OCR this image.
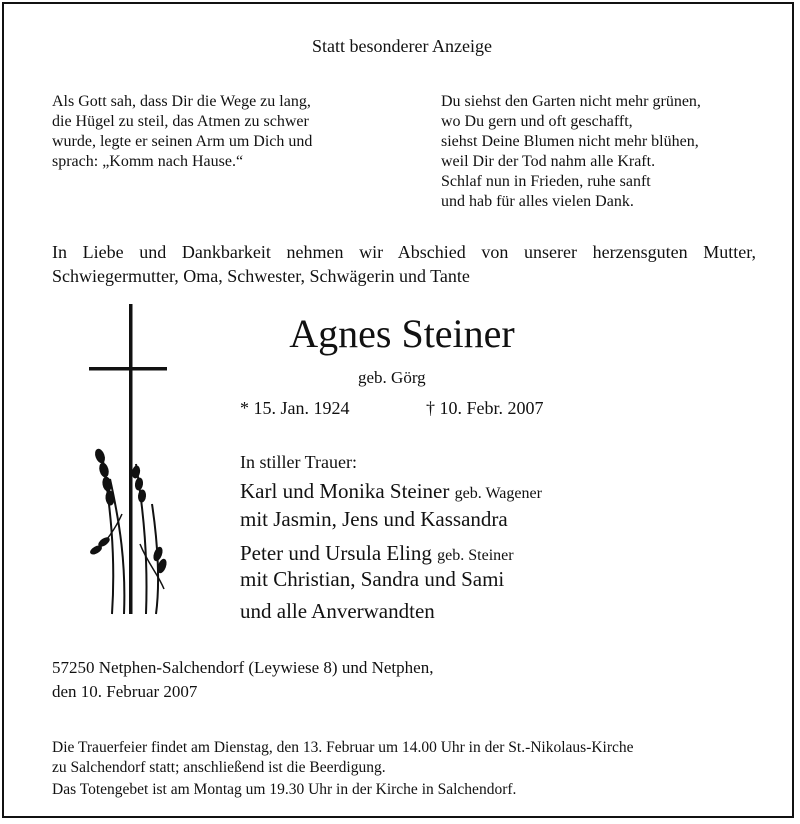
Statt besonderer Anzeige

Als Gott sah, dass Dir die Wege zu lang,
die Hügel zu steil, das Atmen zu schwer
wurde, legte er seinen Arm um Dich und
sprach: „Komm nach Hause.“
Du siehst den Garten nicht mehr grünen,
wo Du gern und oft geschafft,
siehst Deine Blumen nicht mehr blühen,
weil Dir der Tod nahm alle Kraft.
Schlaf nun in Frieden, ruhe sanft
und hab für alles vielen Dank.

In Liebe und Dankbarkeit nehmen wir Abschied von unserer herzensguten Mutter, Schwiegermutter, Oma, Schwester, Schwägerin und Tante

Agnes Steiner

geb. Görg

* 15. Jan. 1924	† 10. Febr. 2007

In stiller Trauer:

Karl und Monika Steiner geb. Wagener

mit Jasmin, Jens und Kassandra

Peter und Ursula Eling geb. Steiner

mit Christian, Sandra und Sami

und alle Anverwandten

57250 Netphen-Salchendorf (Leywiese 8) und Netphen,
den 10. Februar 2007
Die Trauerfeier findet am Dienstag, den 13. Februar um 14.00 Uhr in der St.-Nikolaus-Kirche
zu Salchendorf statt; anschließend ist die Beerdigung.

Das Totengebet ist am Montag um 19.30 Uhr in der Kirche in Salchendorf.
